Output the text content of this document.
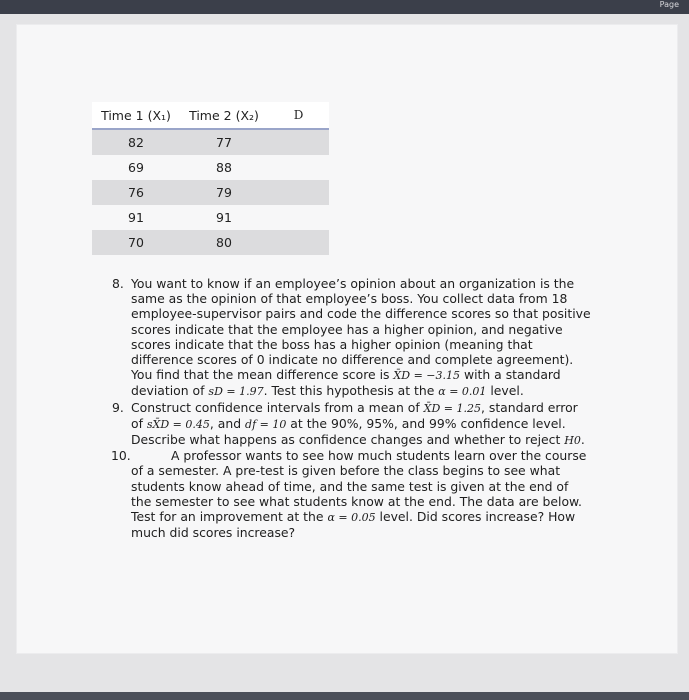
Page
Time 1 (X₁)	Time 2 (X₂)	D
82	77	
69	88	
76	79	
91	91	
70	80	
8. You want to know if an employee’s opinion about an organization is the same as the opinion of that employee’s boss. You collect data from 18 employee-supervisor pairs and code the difference scores so that positive scores indicate that the employee has a higher opinion, and negative scores indicate that the boss has a higher opinion (meaning that difference scores of 0 indicate no difference and complete agreement). You find that the mean difference score is X̄D = −3.15 with a standard deviation of sD = 1.97. Test this hypothesis at the α = 0.01 level.
9. Construct confidence intervals from a mean of X̄D = 1.25, standard error of sX̄D = 0.45, and df = 10 at the 90%, 95%, and 99% confidence level. Describe what happens as confidence changes and whether to reject H0.
10.	A professor wants to see how much students learn over the course of a semester. A pre-test is given before the class begins to see what students know ahead of time, and the same test is given at the end of the semester to see what students know at the end. The data are below. Test for an improvement at the α = 0.05 level. Did scores increase? How much did scores increase?
